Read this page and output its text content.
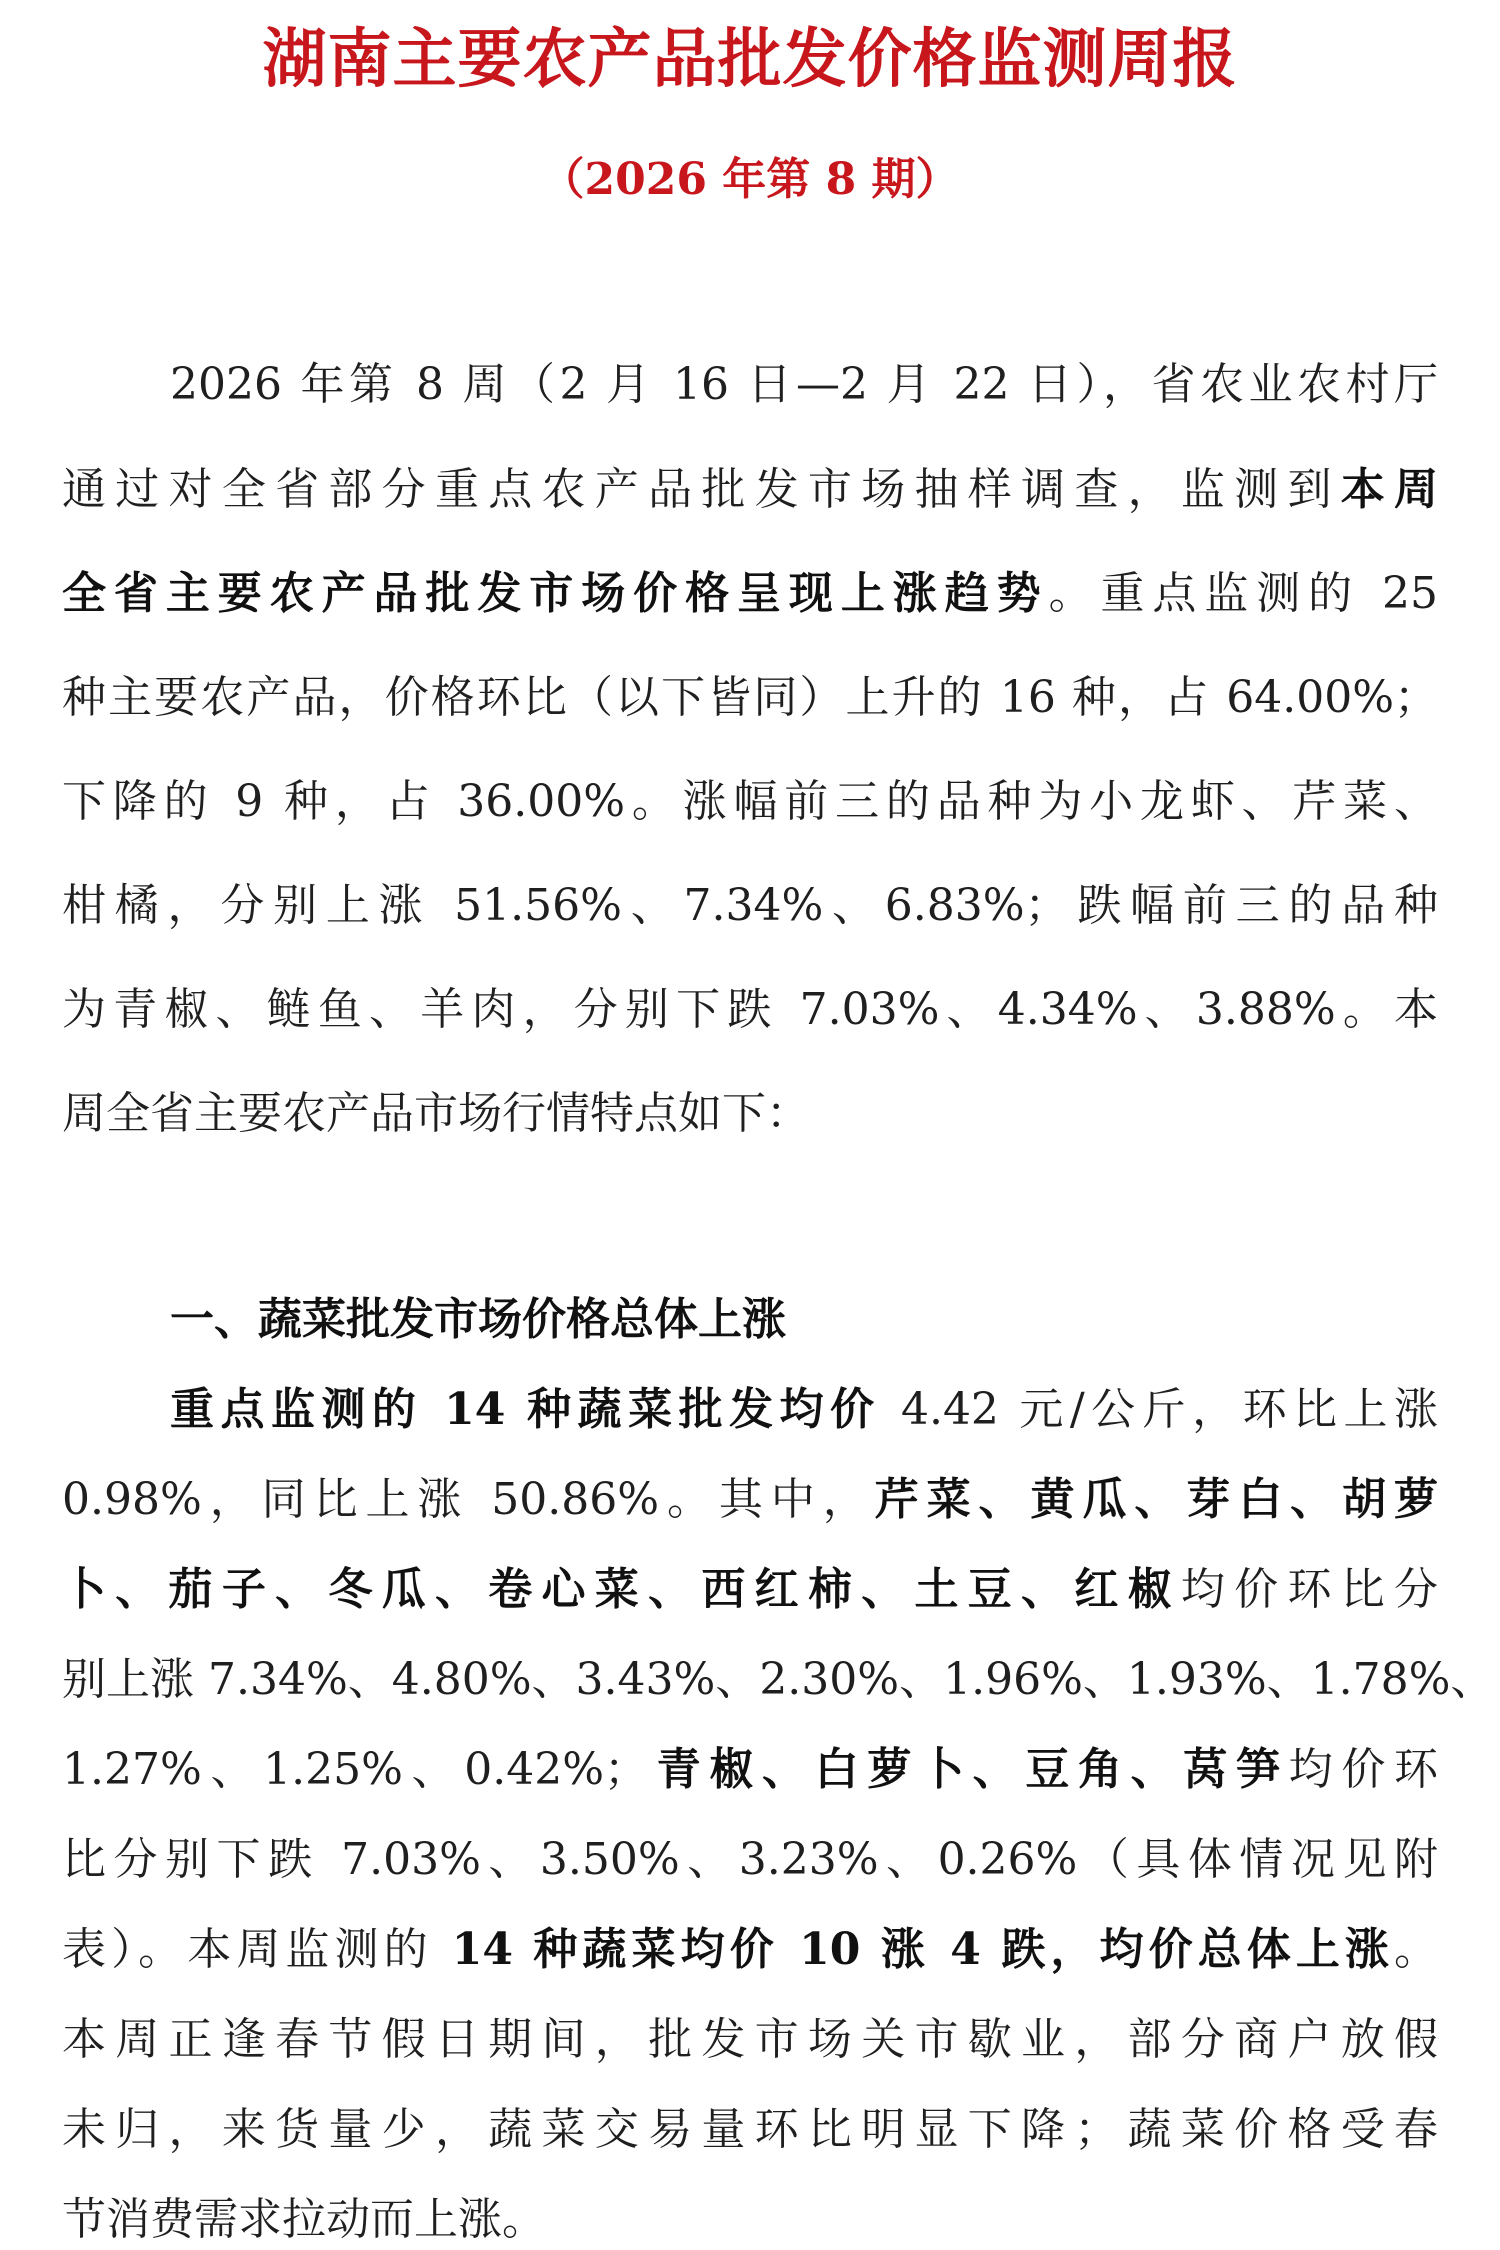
湖南主要农产品批发价格监测周报
（2026 年第 8 期）
2026 年第 8 周（2 月 16 日—2 月 22 日），省农业农村厅
通过对全省部分重点农产品批发市场抽样调查，监测到本周
全省主要农产品批发市场价格呈现上涨趋势。重点监测的 25
种主要农产品，价格环比（以下皆同）上升的 16 种，占 64.00%；
下降的 9 种，占 36.00%。涨幅前三的品种为小龙虾、芹菜、
柑橘，分别上涨 51.56%、7.34%、6.83%；跌幅前三的品种
为青椒、鲢鱼、羊肉，分别下跌 7.03%、4.34%、3.88%。本
周全省主要农产品市场行情特点如下：
一、蔬菜批发市场价格总体上涨
重点监测的 14 种蔬菜批发均价 4.42 元/公斤，环比上涨
0.98%，同比上涨 50.86%。其中，芹菜、黄瓜、芽白、胡萝
卜、茄子、冬瓜、卷心菜、西红柿、土豆、红椒均价环比分
别上涨 7.34%、4.80%、3.43%、2.30%、1.96%、1.93%、1.78%、
1.27%、1.25%、0.42%；青椒、白萝卜、豆角、莴笋均价环
比分别下跌 7.03%、3.50%、3.23%、0.26%（具体情况见附
表）。本周监测的 14 种蔬菜均价 10 涨 4 跌，均价总体上涨。
本周正逢春节假日期间，批发市场关市歇业，部分商户放假
未归，来货量少，蔬菜交易量环比明显下降；蔬菜价格受春
节消费需求拉动而上涨。
